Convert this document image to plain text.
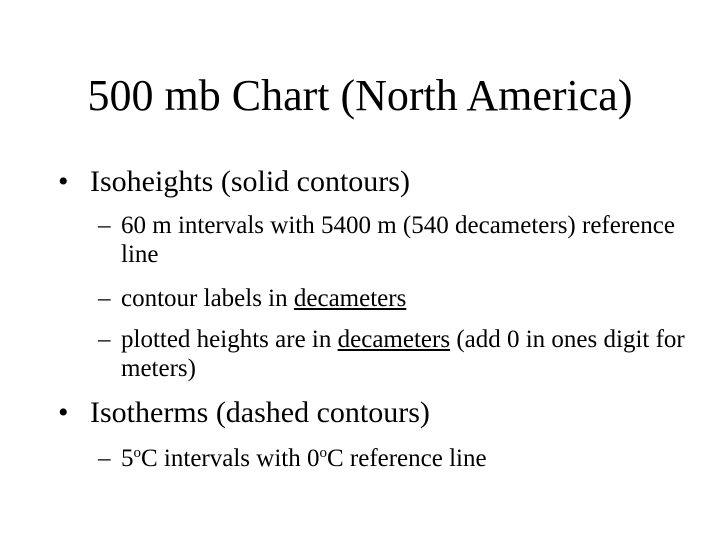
500 mb Chart (North America)
• Isoheights (solid contours)
– 60 m intervals with 5400 m (540 decameters) reference line
– contour labels in decameters
– plotted heights are in decameters (add 0 in ones digit for meters)
• Isotherms (dashed contours)
– 5$^o$C intervals with 0$^o$C reference line
